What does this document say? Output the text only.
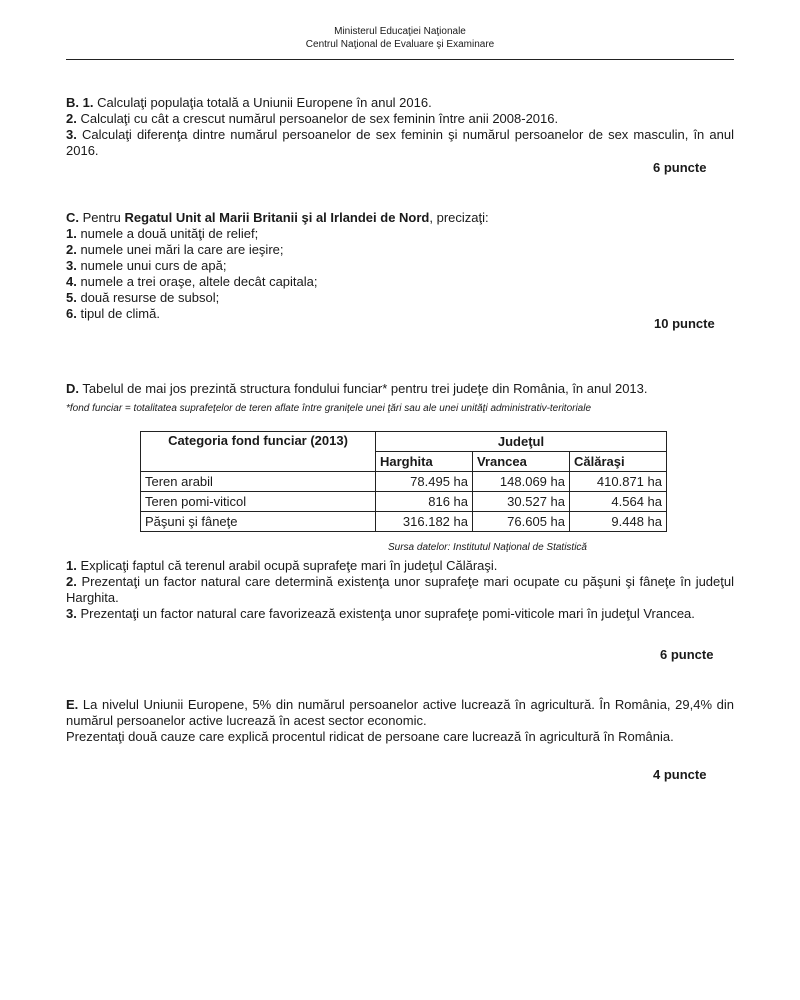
Ministerul Educaţiei Naţionale
Centrul Naţional de Evaluare şi Examinare

B. 1. Calculaţi populaţia totală a Uniunii Europene în anul 2016.

2. Calculaţi cu cât a crescut numărul persoanelor de sex feminin între anii 2008-2016.

3. Calculaţi diferenţa dintre numărul persoanelor de sex feminin şi numărul persoanelor de sex masculin, în anul 2016.

6 puncte

C. Pentru Regatul Unit al Marii Britanii şi al Irlandei de Nord, precizaţi:

1. numele a două unităţi de relief;

2. numele unei mări la care are ieşire;

3. numele unui curs de apă;

4. numele a trei oraşe, altele decât capitala;

5. două resurse de subsol;

6. tipul de climă.

10 puncte

D. Tabelul de mai jos prezintă structura fondului funciar* pentru trei judeţe din România, în anul 2013.

*fond funciar = totalitatea suprafeţelor de teren aflate între graniţele unei ţări sau ale unei unităţi administrativ-teritoriale
Categoria fond funciar (2013)	Judeţul		
	Harghita	Vrancea	Călăraşi
Teren arabil	78.495 ha	148.069 ha	410.871 ha
Teren pomi-viticol	816 ha	30.527 ha	4.564 ha
Păşuni şi fâneţe	316.182 ha	76.605 ha	9.448 ha
Sursa datelor: Institutul Naţional de Statistică

1. Explicaţi faptul că terenul arabil ocupă suprafeţe mari în judeţul Călăraşi.

2. Prezentaţi un factor natural care determină existenţa unor suprafeţe mari ocupate cu păşuni şi fâneţe în judeţul Harghita.

3. Prezentaţi un factor natural care favorizează existenţa unor suprafeţe pomi-viticole mari în judeţul Vrancea.

6 puncte

E. La nivelul Uniunii Europene, 5% din numărul persoanelor active lucrează în agricultură. În România, 29,4% din numărul persoanelor active lucrează în acest sector economic.

Prezentaţi două cauze care explică procentul ridicat de persoane care lucrează în agricultură în România.

4 puncte
